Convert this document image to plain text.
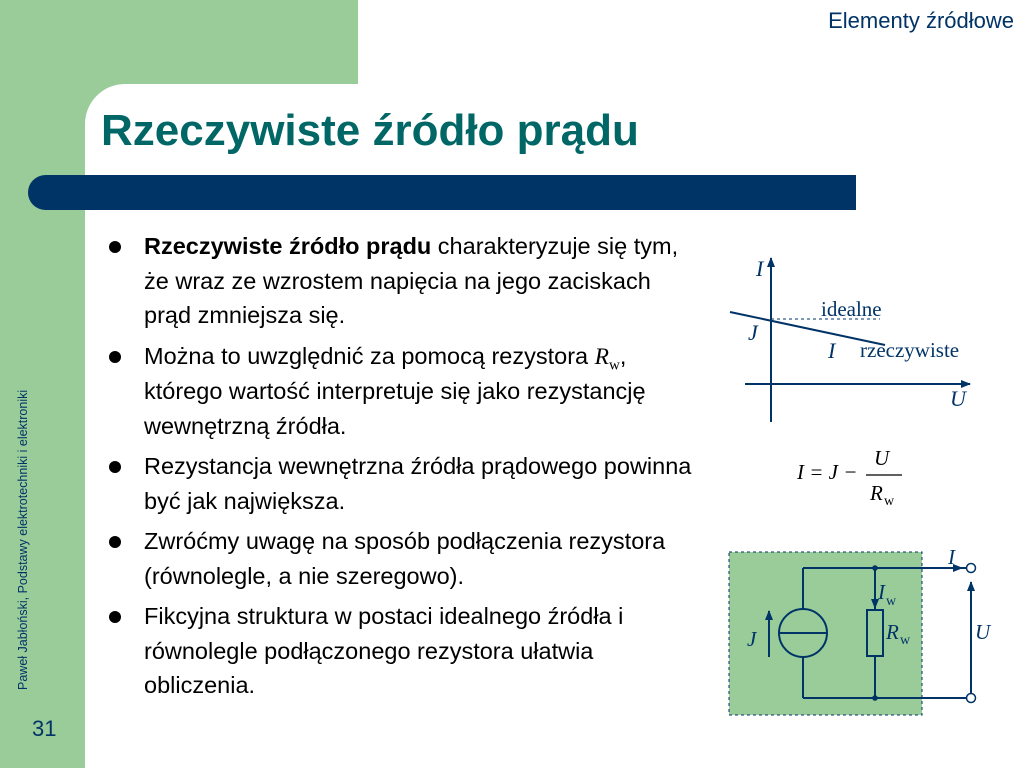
Elementy źródłowe
Rzeczywiste źródło prądu
Paweł Jabłoński, Podstawy elektrotechniki i elektroniki
31
Rzeczywiste źródło prądu charakteryzuje się tym, że wraz ze wzrostem napięcia na jego zaciskach prąd zmniejsza się.
Można to uwzględnić za pomocą rezystora $R_w$, którego wartość interpretuje się jako rezystancję wewnętrzną źródła.
Rezystancja wewnętrzna źródła prądowego powinna być jak największa.
Zwróćmy uwagę na sposób podłączenia rezystora (równolegle, a nie szeregowo).
Fikcyjna struktura w postaci idealnego źródła i równolegle podłączonego rezystora ułatwia obliczenia.
I
U
J
I
idealne
rzeczywiste
I = J −
U
R w
J
I
I w
R w	U
